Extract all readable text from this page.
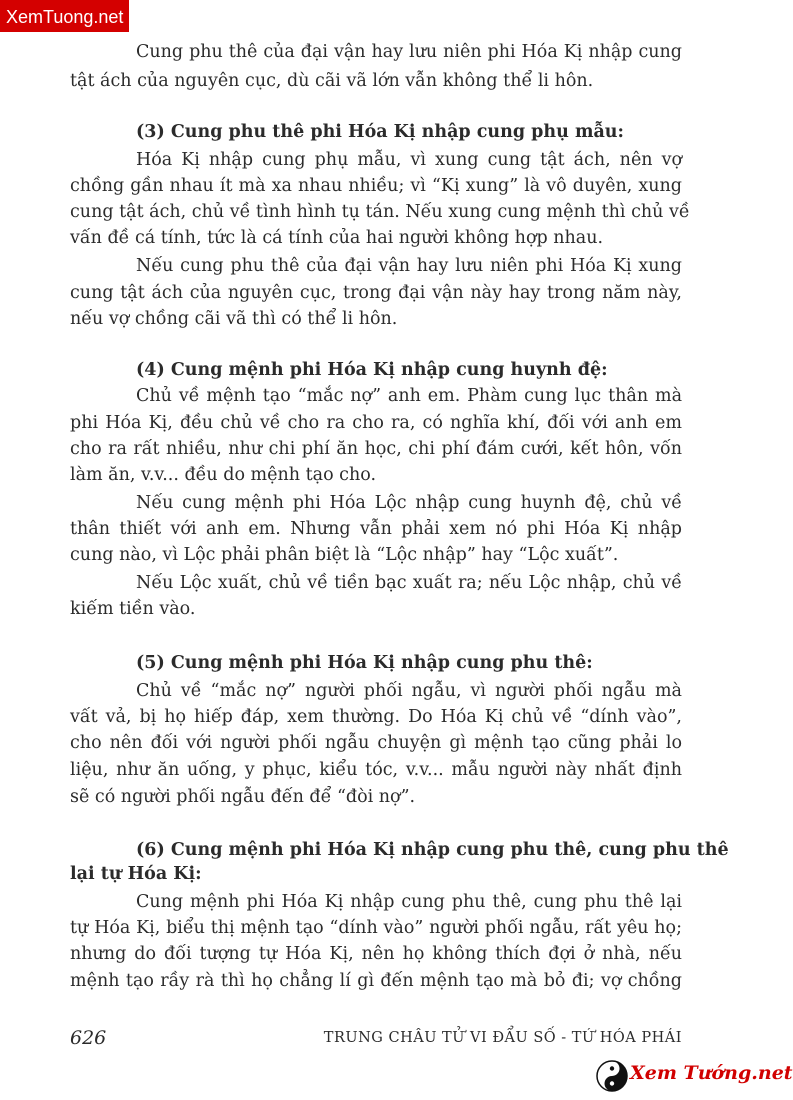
XemTuong.net
Cung phu thê của đại vận hay lưu niên phi Hóa Kị nhập cung
tật ách của nguyên cục, dù cãi vã lớn vẫn không thể li hôn.
(3) Cung phu thê phi Hóa Kị nhập cung phụ mẫu:
Hóa Kị nhập cung phụ mẫu, vì xung cung tật ách, nên vợ
chồng gần nhau ít mà xa nhau nhiều; vì “Kị xung” là vô duyên, xung
cung tật ách, chủ về tình hình tụ tán. Nếu xung cung mệnh thì chủ về
vấn đề cá tính, tức là cá tính của hai người không hợp nhau.
Nếu cung phu thê của đại vận hay lưu niên phi Hóa Kị xung
cung tật ách của nguyên cục, trong đại vận này hay trong năm này,
nếu vợ chồng cãi vã thì có thể li hôn.
(4) Cung mệnh phi Hóa Kị nhập cung huynh đệ:
Chủ về mệnh tạo “mắc nợ” anh em. Phàm cung lục thân mà
phi Hóa Kị, đều chủ về cho ra cho ra, có nghĩa khí, đối với anh em
cho ra rất nhiều, như chi phí ăn học, chi phí đám cưới, kết hôn, vốn
làm ăn, v.v... đều do mệnh tạo cho.
Nếu cung mệnh phi Hóa Lộc nhập cung huynh đệ, chủ về
thân thiết với anh em. Nhưng vẫn phải xem nó phi Hóa Kị nhập
cung nào, vì Lộc phải phân biệt là “Lộc nhập” hay “Lộc xuất”.
Nếu Lộc xuất, chủ về tiền bạc xuất ra; nếu Lộc nhập, chủ về
kiếm tiền vào.
(5) Cung mệnh phi Hóa Kị nhập cung phu thê:
Chủ về “mắc nợ” người phối ngẫu, vì người phối ngẫu mà
vất vả, bị họ hiếp đáp, xem thường. Do Hóa Kị chủ về “dính vào”,
cho nên đối với người phối ngẫu chuyện gì mệnh tạo cũng phải lo
liệu, như ăn uống, y phục, kiểu tóc, v.v... mẫu người này nhất định
sẽ có người phối ngẫu đến để “đòi nợ”.
(6) Cung mệnh phi Hóa Kị nhập cung phu thê, cung phu thê
lại tự Hóa Kị:
Cung mệnh phi Hóa Kị nhập cung phu thê, cung phu thê lại
tự Hóa Kị, biểu thị mệnh tạo “dính vào” người phối ngẫu, rất yêu họ;
nhưng do đối tượng tự Hóa Kị, nên họ không thích đợi ở nhà, nếu
mệnh tạo rầy rà thì họ chẳng lí gì đến mệnh tạo mà bỏ đi; vợ chồng
626	TRUNG CHÂU TỬ VI ĐẨU SỐ - TỨ HÓA PHÁI
Xem Tướng.net
